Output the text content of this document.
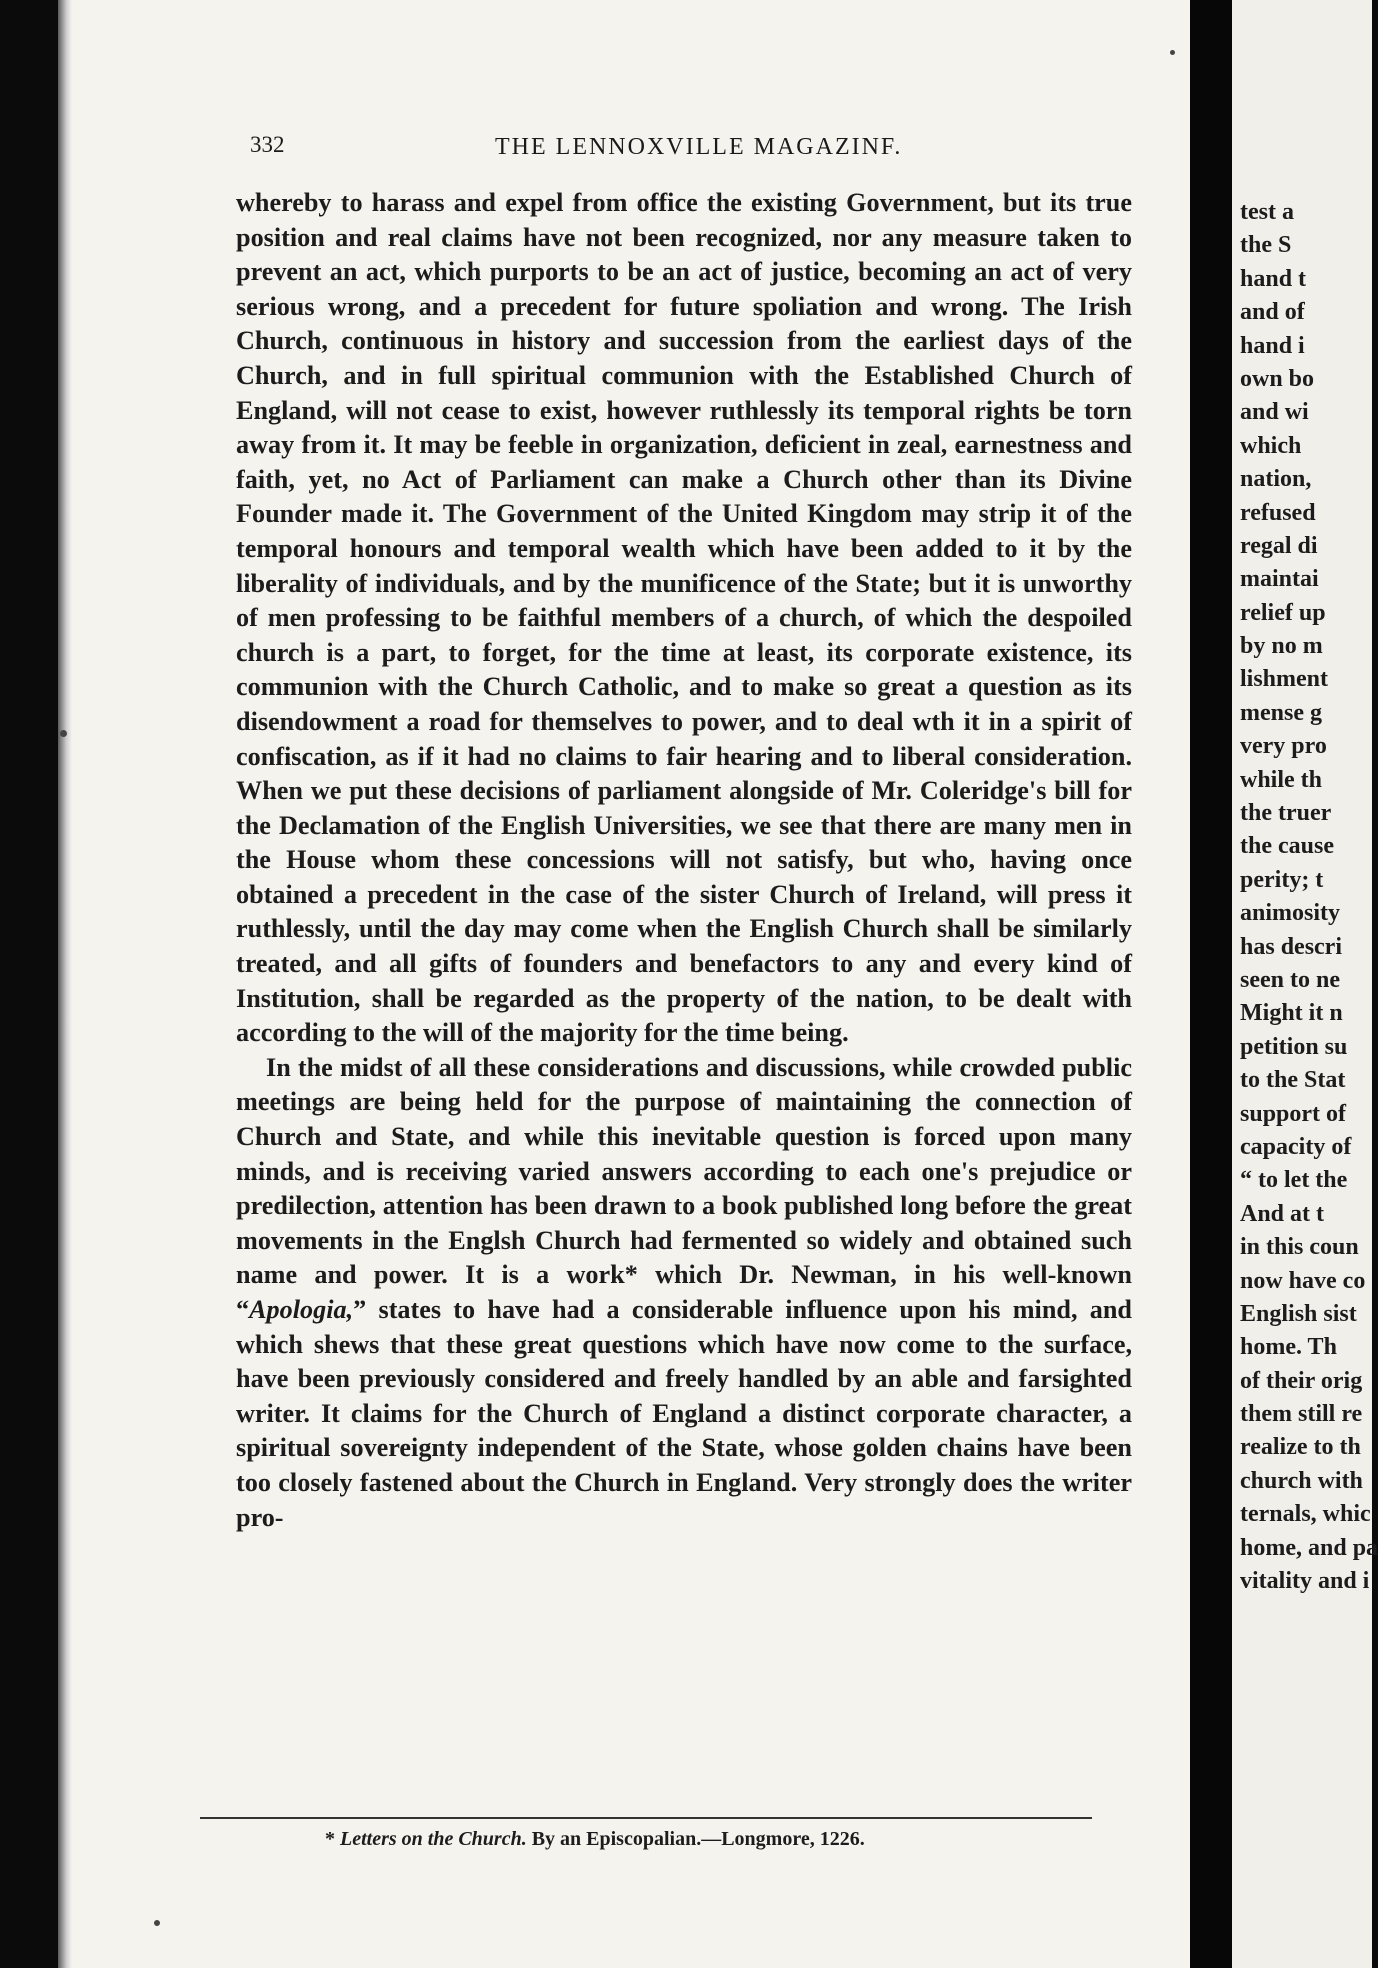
test a
the S
hand t
and of
hand i
own bo
and wi
which
nation,
refused
regal di
maintai
relief up
by no m
lishment
mense g
very pro
while th
the truer
the cause
perity; t
animosity
has descri
seen to ne
Might it n
petition su
to the Stat
support of
capacity of
“ to let the
And at t
in this coun
now have co
English sist
home. Th
of their orig
them still re
realize to th
church with
ternals, whic
home, and pa
vitality and i
332	THE LENNOXVILLE MAGAZINF.

whereby to harass and expel from office the existing Government, but its true position and real claims have not been recognized, nor any measure taken to prevent an act, which purports to be an act of justice, becoming an act of very serious wrong, and a precedent for future spoliation and wrong. The Irish Church, continuous in history and succession from the earliest days of the Church, and in full spiritual communion with the Established Church of England, will not cease to exist, however ruthlessly its temporal rights be torn away from it. It may be feeble in organization, deficient in zeal, earnestness and faith, yet, no Act of Parliament can make a Church other than its Divine Founder made it. The Government of the United Kingdom may strip it of the temporal honours and temporal wealth which have been added to it by the liberality of individuals, and by the munificence of the State; but it is unworthy of men professing to be faithful members of a church, of which the despoiled church is a part, to forget, for the time at least, its corporate existence, its communion with the Church Catholic, and to make so great a question as its disendowment a road for themselves to power, and to deal wth it in a spirit of confiscation, as if it had no claims to fair hearing and to liberal consideration. When we put these decisions of parliament alongside of Mr. Coleridge's bill for the Declamation of the English Universities, we see that there are many men in the House whom these concessions will not satisfy, but who, having once obtained a precedent in the case of the sister Church of Ireland, will press it ruthlessly, until the day may come when the English Church shall be similarly treated, and all gifts of founders and benefactors to any and every kind of Institution, shall be regarded as the property of the nation, to be dealt with according to the will of the majority for the time being.

In the midst of all these considerations and discussions, while crowded public meetings are being held for the purpose of maintaining the connection of Church and State, and while this inevitable question is forced upon many minds, and is receiving varied answers according to each one's prejudice or predilection, attention has been drawn to a book published long before the great movements in the Englsh Church had fermented so widely and obtained such name and power. It is a work* which Dr. Newman, in his well-known “Apologia,” states to have had a considerable influence upon his mind, and which shews that these great questions which have now come to the surface, have been previously considered and freely handled by an able and farsighted writer. It claims for the Church of England a distinct corporate character, a spiritual sovereignty independent of the State, whose golden chains have been too closely fastened about the Church in England. Very strongly does the writer pro-

* Letters on the Church. By an Episcopalian.—Longmore, 1226.
